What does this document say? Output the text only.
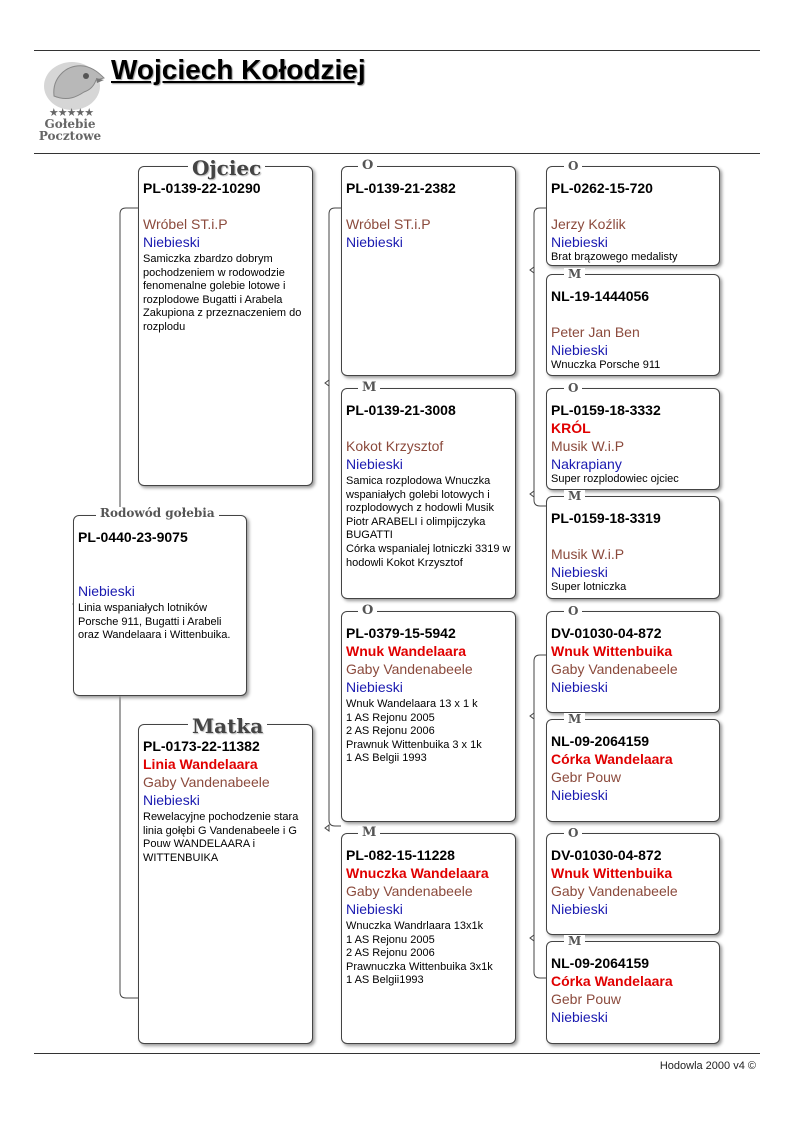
★★★★★
Gołebie
Pocztowe
Wojciech Kołodziej
PL-0440-23-9075
Niebieski
Linia wspaniałych lotników Porsche 911, Bugatti i Arabeli oraz Wandelaara i Wittenbuika.
Rodowód gołebia
PL-0139-22-10290
Wróbel ST.i.P
Niebieski
Samiczka zbardzo dobrym pochodzeniem w rodowodzie fenomenalne golebie lotowe i rozplodowe Bugatti i Arabela Zakupiona z przeznaczeniem do rozplodu
Ojciec
PL-0173-22-11382
Linia Wandelaara
Gaby Vandenabeele
Niebieski
Rewelacyjne pochodzenie stara linia gołębi G Vandenabeele i G Pouw WANDELAARA i WITTENBUIKA
Matka
PL-0139-21-2382
Wróbel ST.i.P
Niebieski
O
PL-0139-21-3008
Kokot Krzysztof
Niebieski
Samica rozplodowa Wnuczka wspaniałych golebi lotowych i rozplodowych z hodowli Musik Piotr ARABELI i olimpijczyka BUGATTI
Córka wspanialej lotniczki 3319 w hodowli Kokot Krzysztof
M
PL-0379-15-5942
Wnuk Wandelaara
Gaby Vandenabeele
Niebieski
Wnuk Wandelaara 13 x 1 k
1 AS Rejonu 2005
2 AS Rejonu 2006
Prawnuk Wittenbuika 3 x 1k
1 AS Belgii 1993
O
PL-082-15-11228
Wnuczka Wandelaara
Gaby Vandenabeele
Niebieski
Wnuczka Wandrlaara 13x1k
1 AS Rejonu 2005
2 AS Rejonu 2006
Prawnuczka Wittenbuika 3x1k
1 AS Belgii1993
M
PL-0262-15-720
Jerzy Koźlik
Niebieski
Brat brązowego medalisty
O
NL-19-1444056
Peter Jan Ben
Niebieski
Wnuczka Porsche 911
M
PL-0159-18-3332
KRÓL
Musik W.i.P
Nakrapiany
Super rozplodowiec ojciec
O
PL-0159-18-3319
Musik W.i.P
Niebieski
Super lotniczka
M
DV-01030-04-872
Wnuk Wittenbuika
Gaby Vandenabeele
Niebieski
O
NL-09-2064159
Córka Wandelaara
Gebr Pouw
Niebieski
M
DV-01030-04-872
Wnuk Wittenbuika
Gaby Vandenabeele
Niebieski
O
NL-09-2064159
Córka Wandelaara
Gebr Pouw
Niebieski
M
Hodowla 2000 v4 ©
